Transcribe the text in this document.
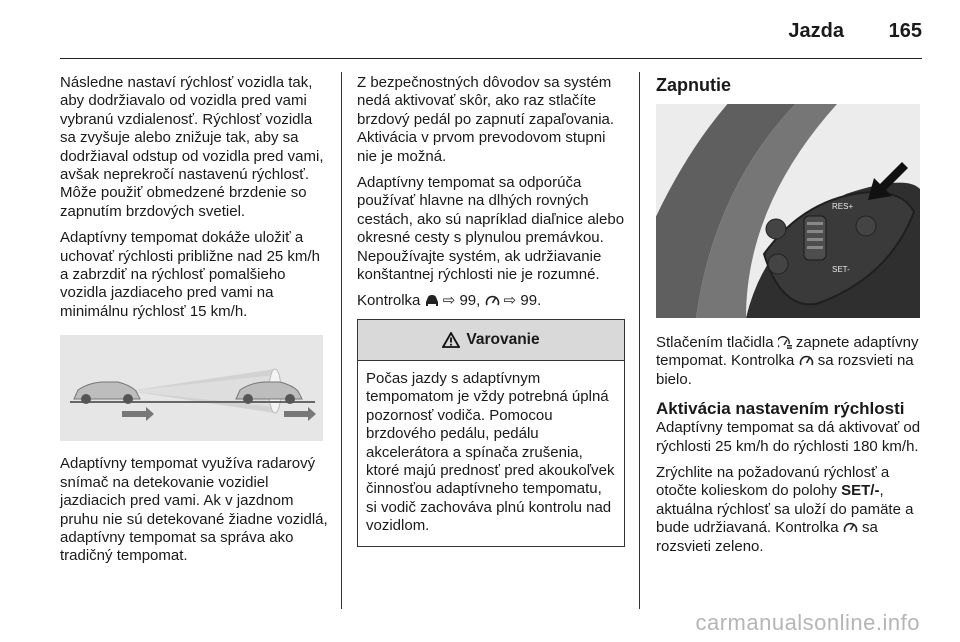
Jazda 165

Následne nastaví rýchlosť vozidla tak, aby dodržiavalo od vozidla pred vami vybranú vzdialenosť. Rýchlosť vozidla sa zvyšuje alebo znižuje tak, aby sa dodržiaval odstup od vozidla pred vami, avšak neprekročí nastavenú rýchlosť. Môže použiť obmedzené brzdenie so zapnutím brzdových svetiel.

Adaptívny tempomat dokáže uložiť a uchovať rýchlosti približne nad 25 km/h a zabrzdiť na rýchlosť pomalšieho vozidla jazdiaceho pred vami na minimálnu rýchlosť 15 km/h.

Adaptívny tempomat využíva radarový snímač na detekovanie vozidiel jazdiacich pred vami. Ak v jazdnom pruhu nie sú detekované žiadne vozidlá, adaptívny tempomat sa správa ako tradičný tempomat.

Z bezpečnostných dôvodov sa systém nedá aktivovať skôr, ako raz stlačíte brzdový pedál po zapnutí zapaľovania. Aktivácia v prvom prevodovom stupni nie je možná.

Adaptívny tempomat sa odporúča používať hlavne na dlhých rovných cestách, ako sú napríklad diaľnice alebo okresné cesty s plynulou premávkou. Nepoužívajte systém, ak udržiavanie konštantnej rýchlosti nie je rozumné.

Kontrolka ⇨ 99, ⇨ 99.

Varovanie
Počas jazdy s adaptívnym tempomatom je vždy potrebná úplná pozornosť vodiča. Pomocou brzdového pedálu, pedálu akcelerátora a spínača zrušenia, ktoré majú prednosť pred akoukoľvek činnosťou adaptívneho tempomatu, si vodič zachováva plnú kontrolu nad vozidlom.
Zapnutie
RES+
SET-

Stlačením tlačidla zapnete adaptívny tempomat. Kontrolka sa rozsvieti na bielo.

Aktivácia nastavením rýchlosti

Adaptívny tempomat sa dá aktivovať od rýchlosti 25 km/h do rýchlosti 180 km/h.

Zrýchlite na požadovanú rýchlosť a otočte kolieskom do polohy SET/-, aktuálna rýchlosť sa uloží do pamäte a bude udržiavaná. Kontrolka sa rozsvieti zeleno.

carmanualsonline.info
